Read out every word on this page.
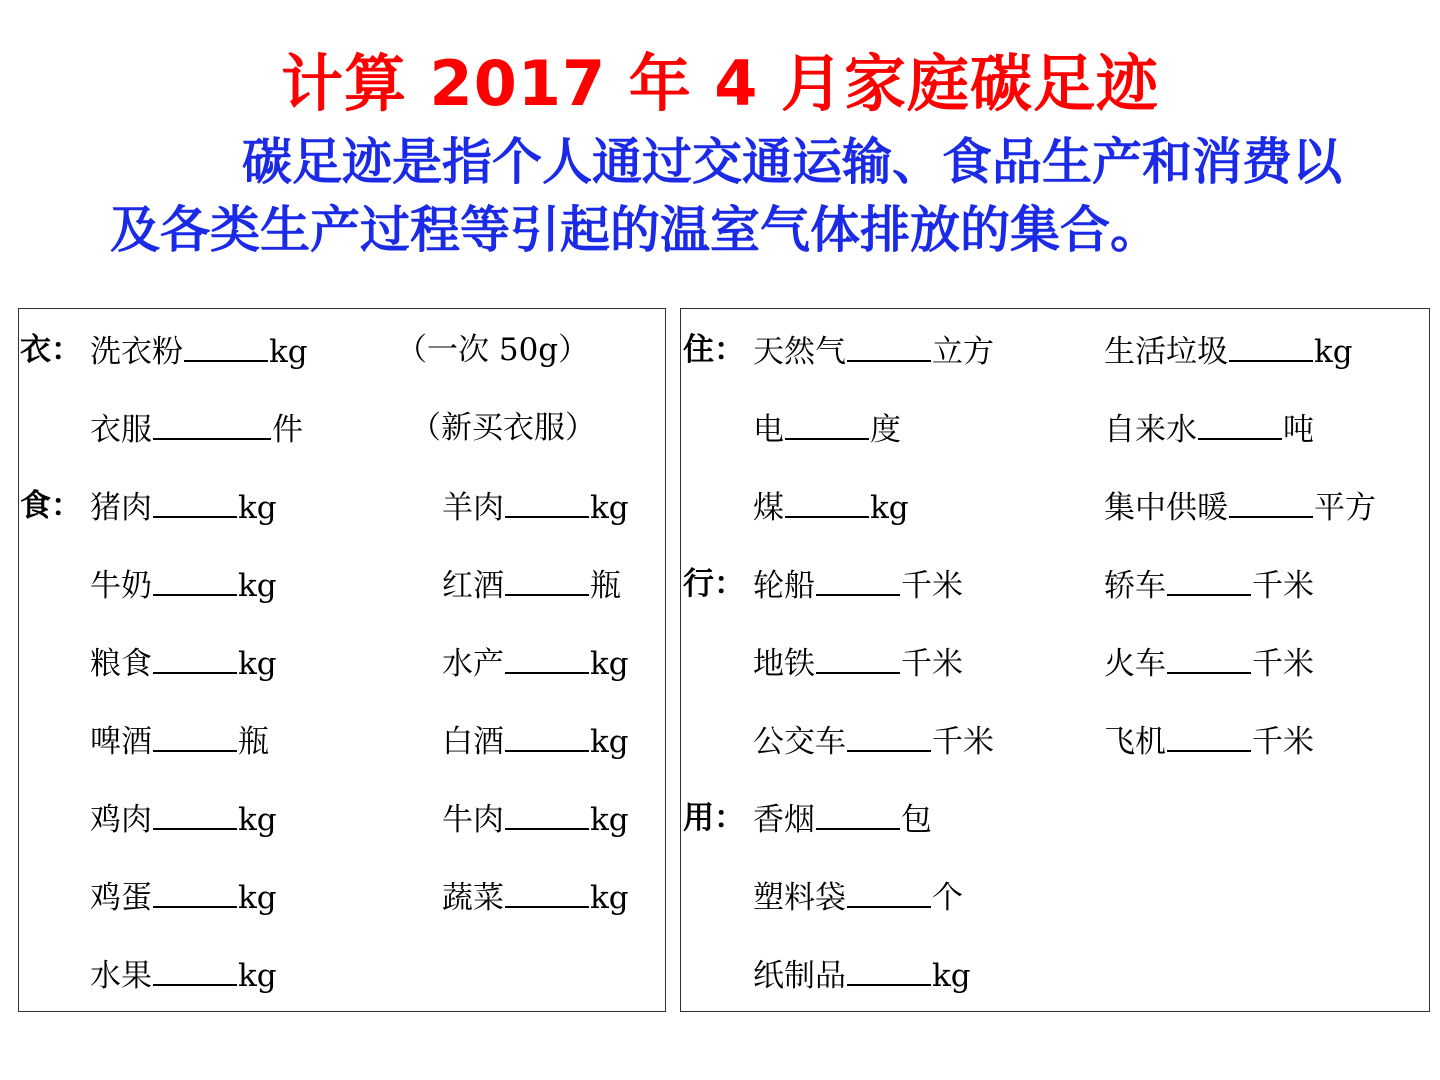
计算 2017 年 4 月家庭碳足迹
碳足迹是指个人通过交通运输、食品生产和消费以及各类生产过程等引起的温室气体排放的集合。
衣： 洗衣粉	kg	（一次 50g）
衣服	件	（新买衣服）
食： 猪肉	kg	羊肉	kg
牛奶	kg	红酒	瓶
粮食	kg	水产	kg
啤酒	瓶	白酒	kg
鸡肉	kg	牛肉	kg
鸡蛋	kg	蔬菜	kg
水果	kg
住： 天然气	立方	生活垃圾	kg
电	度	自来水	吨
煤	kg	集中供暖	平方
行： 轮船	千米	轿车	千米
地铁	千米	火车	千米
公交车	千米	飞机	千米
用： 香烟	包
塑料袋	个
纸制品	kg
